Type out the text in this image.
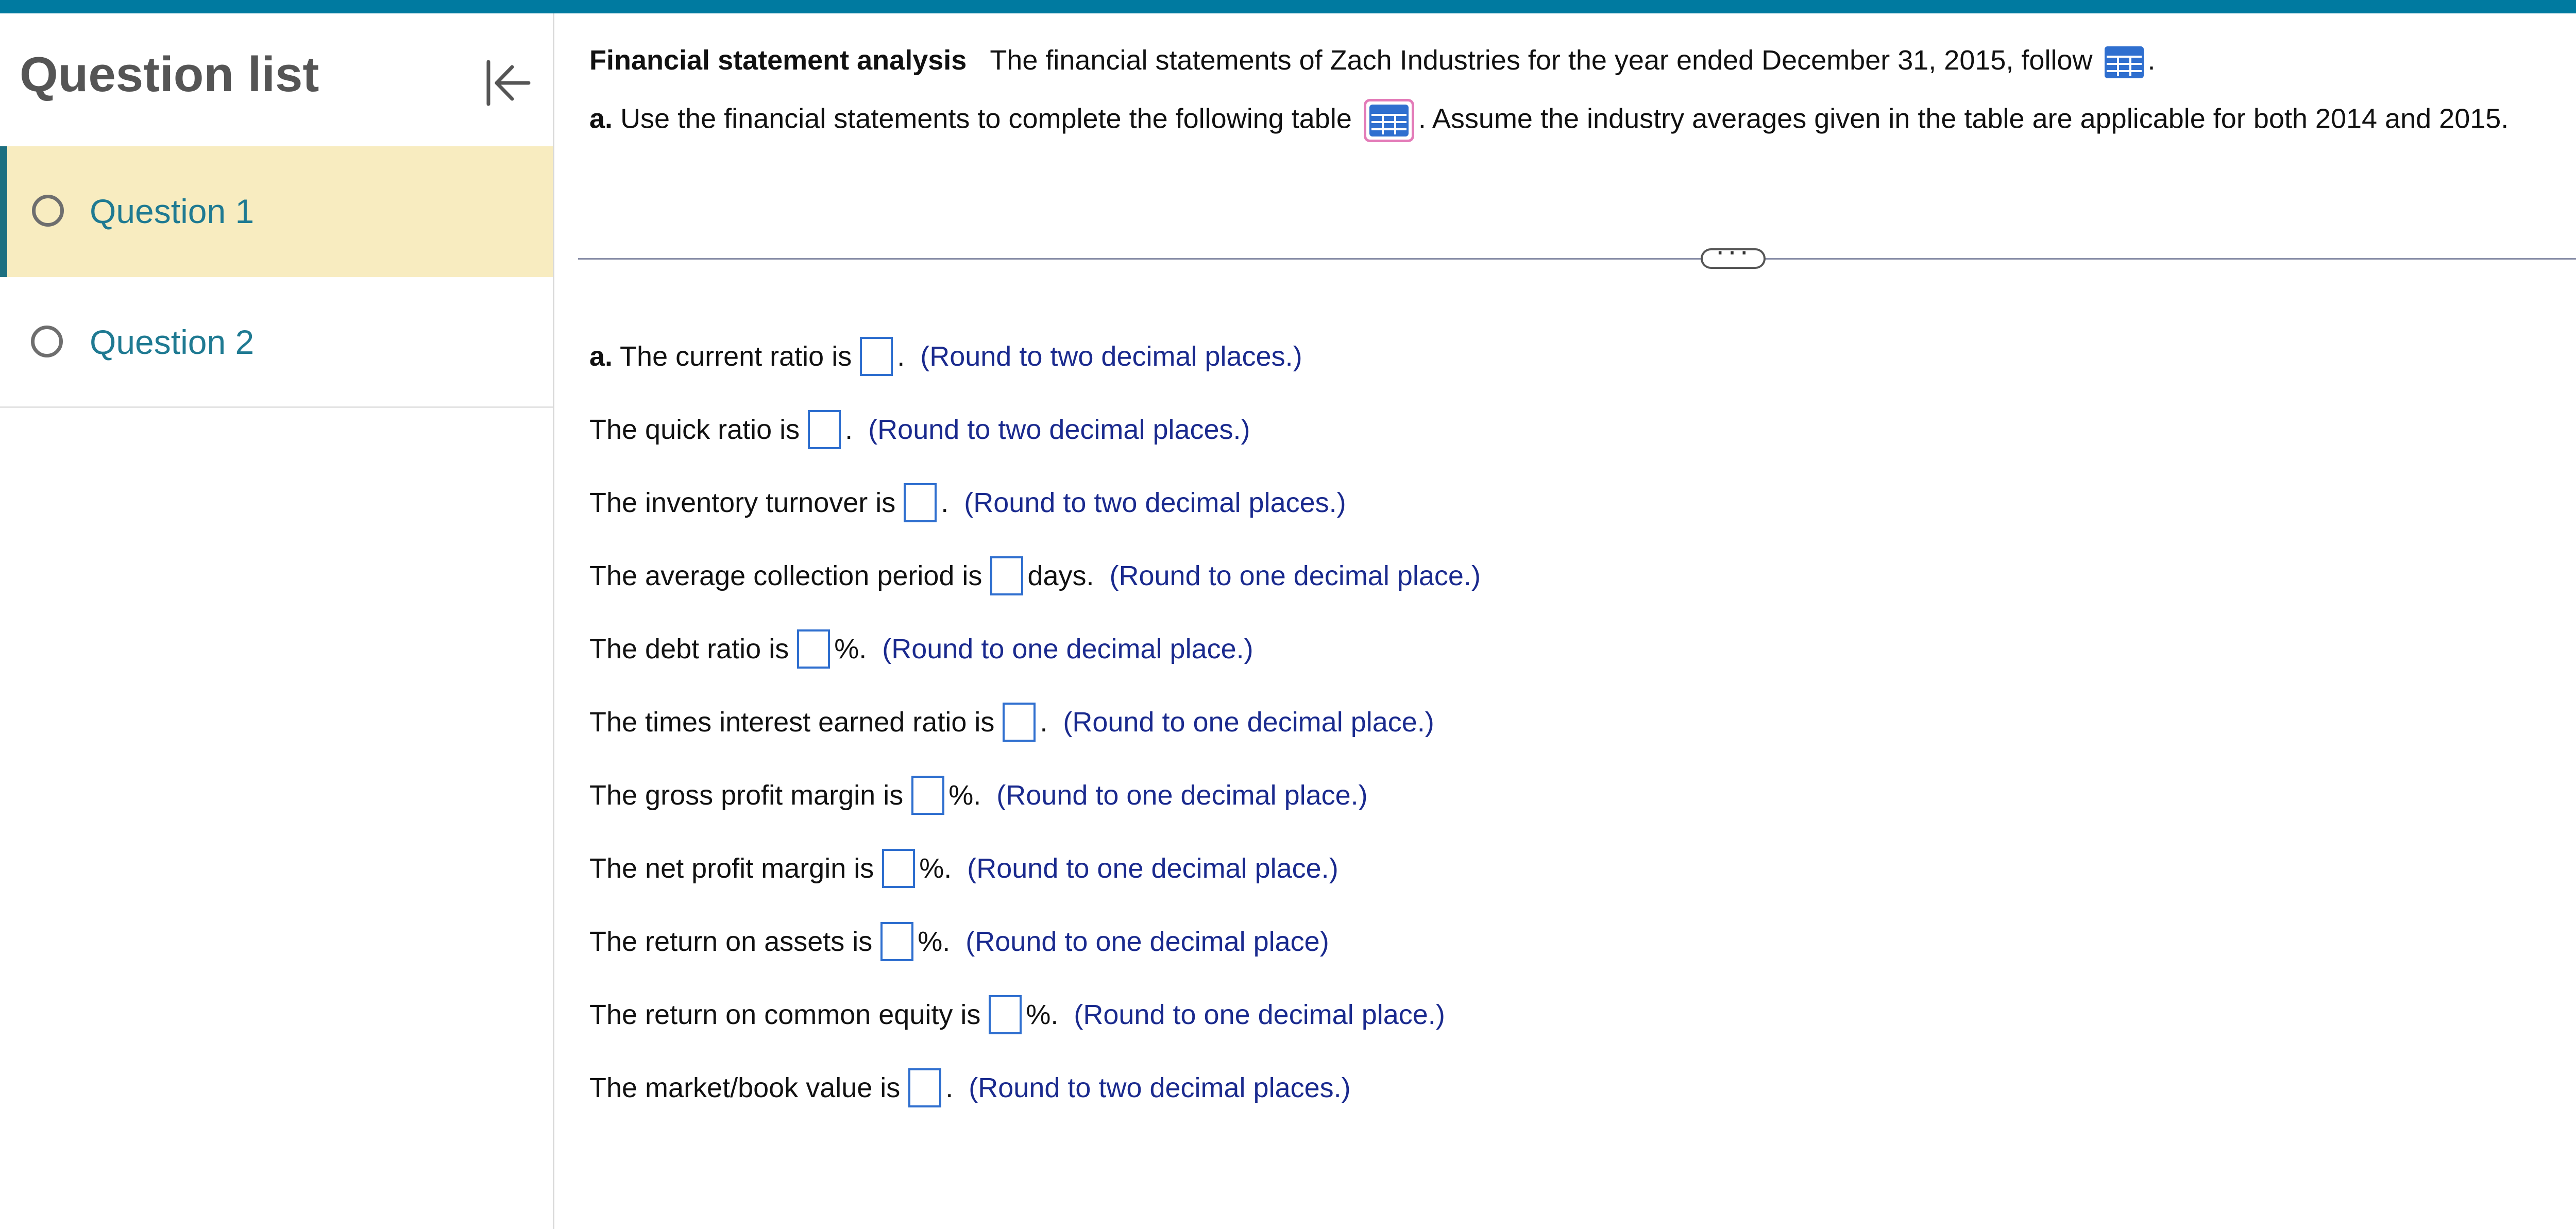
Question list
Question 1
Question 2
Financial statement analysis The financial statements of Zach Industries for the year ended December 31, 2015, follow .
a. Use the financial statements to complete the following table . Assume the industry averages given in the table are applicable for both 2014 and 2015.
···
a. The current ratio is . (Round to two decimal places.)
The quick ratio is . (Round to two decimal places.)
The inventory turnover is . (Round to two decimal places.)
The average collection period is days. (Round to one decimal place.)
The debt ratio is %. (Round to one decimal place.)
The times interest earned ratio is . (Round to one decimal place.)
The gross profit margin is %. (Round to one decimal place.)
The net profit margin is %. (Round to one decimal place.)
The return on assets is %. (Round to one decimal place)
The return on common equity is %. (Round to one decimal place.)
The market/book value is . (Round to two decimal places.)
